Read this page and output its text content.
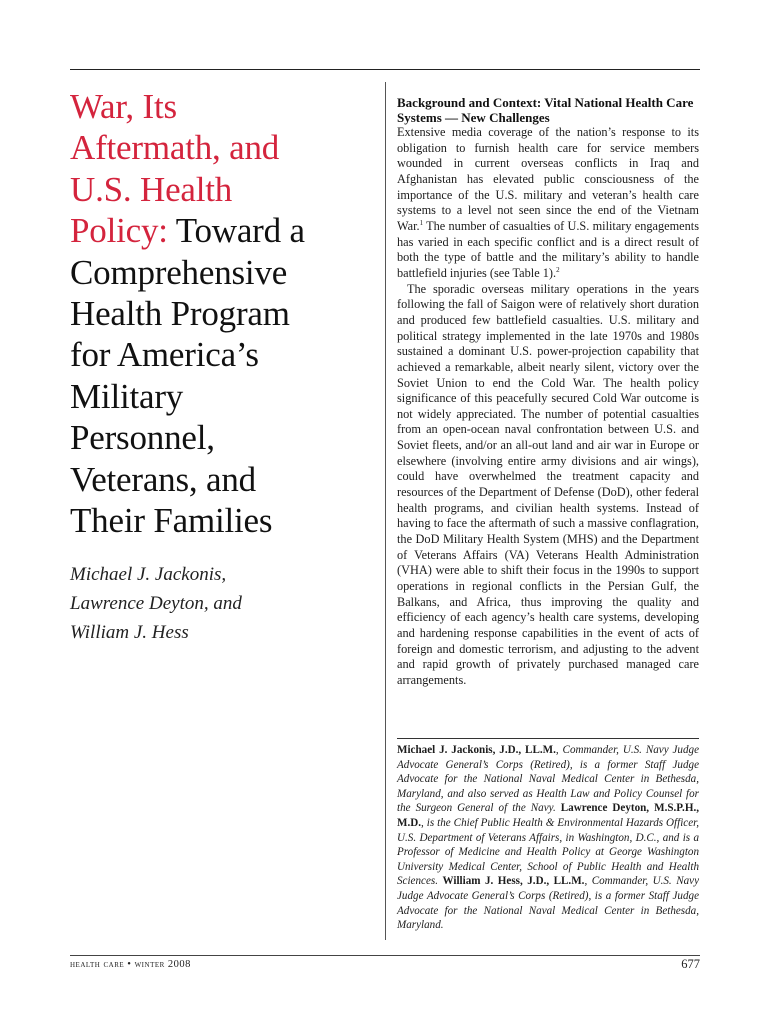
War, Its
Aftermath, and
U.S. Health
Policy: Toward a
Comprehensive
Health Program
for America’s
Military
Personnel,
Veterans, and
Their Families
Michael J. Jackonis,
Lawrence Deyton, and
William J. Hess
Background and Context: Vital National Health Care Systems — New Challenges

Extensive media coverage of the nation’s response to its obligation to furnish health care for service members wounded in current overseas conflicts in Iraq and Afghanistan has elevated public consciousness of the importance of the U.S. military and veteran’s health care systems to a level not seen since the end of the Vietnam War.$^1$ The number of casualties of U.S. military engagements has varied in each specific conflict and is a direct result of both the type of battle and the military’s ability to handle battlefield injuries (see Table 1).$^2$

The sporadic overseas military operations in the years following the fall of Saigon were of relatively short duration and produced few battlefield casualties. U.S. military and political strategy implemented in the late 1970s and 1980s sustained a dominant U.S. power-projection capability that achieved a remarkable, albeit nearly silent, victory over the Soviet Union to end the Cold War. The health policy significance of this peacefully secured Cold War outcome is not widely appreciated. The number of potential casualties from an open-ocean naval confrontation between U.S. and Soviet fleets, and/or an all-out land and air war in Europe or elsewhere (involving entire army divisions and air wings), could have overwhelmed the treatment capacity and resources of the Department of Defense (DoD), other federal health programs, and civilian health systems. Instead of having to face the aftermath of such a massive conflagration, the DoD Military Health System (MHS) and the Department of Veterans Affairs (VA) Veterans Health Administration (VHA) were able to shift their focus in the 1990s to support operations in regional conflicts in the Persian Gulf, the Balkans, and Africa, thus improving the quality and efficiency of each agency’s health care systems, developing and hardening response capabilities in the event of acts of foreign and domestic terrorism, and adjusting to the advent and rapid growth of privately purchased managed care arrangements.

Michael J. Jackonis, J.D., LL.M., Commander, U.S. Navy Judge Advocate General’s Corps (Retired), is a former Staff Judge Advocate for the National Naval Medical Center in Bethesda, Maryland, and also served as Health Law and Policy Counsel for the Surgeon General of the Navy. Lawrence Deyton, M.S.P.H., M.D., is the Chief Public Health & Environmental Hazards Officer, U.S. Department of Veterans Affairs, in Washington, D.C., and is a Professor of Medicine and Health Policy at George Washington University Medical Center, School of Public Health and Health Sciences. William J. Hess, J.D., LL.M., Commander, U.S. Navy Judge Advocate General’s Corps (Retired), is a former Staff Judge Advocate for the National Naval Medical Center in Bethesda, Maryland.
health care • winter 2008	677
